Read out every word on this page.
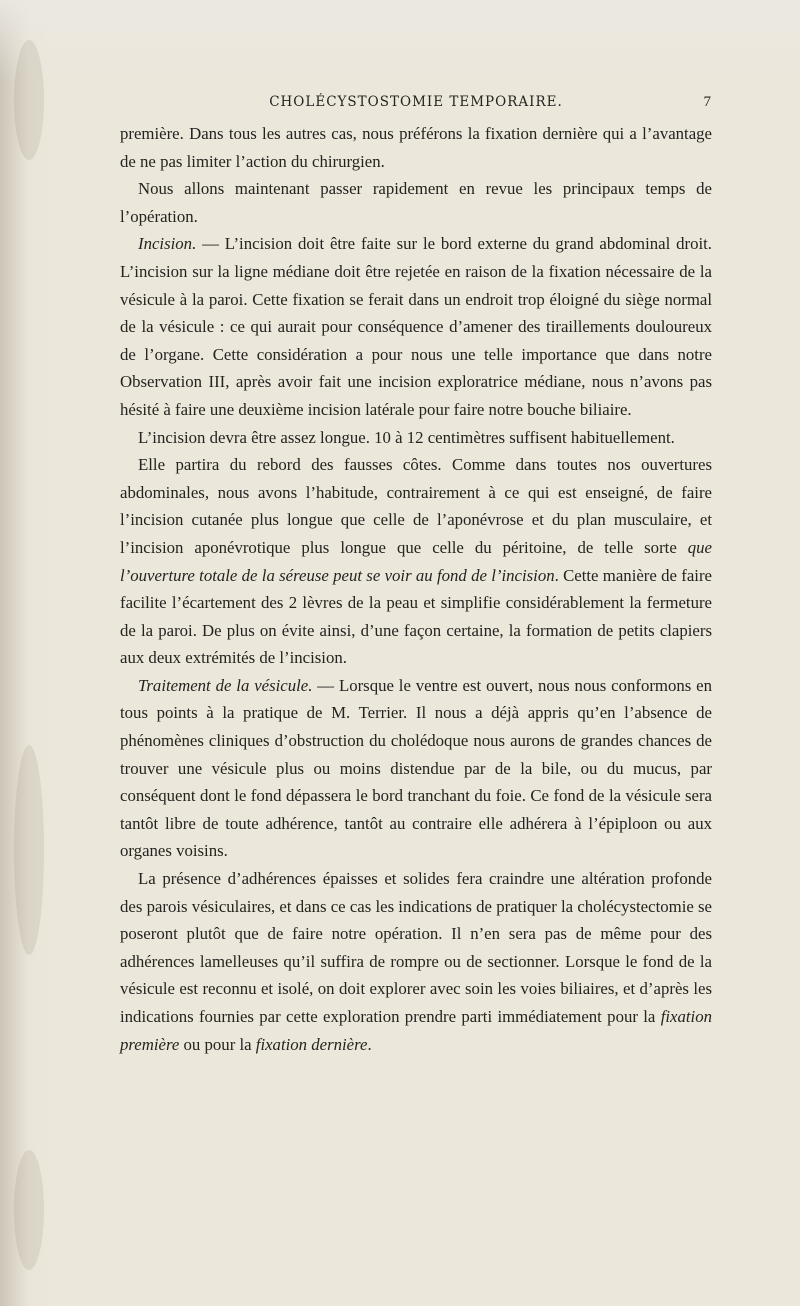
CHOLÉCYSTOSTOMIE TEMPORAIRE.	7

première. Dans tous les autres cas, nous préférons la fixation dernière qui a l’avantage de ne pas limiter l’action du chirurgien.

Nous allons maintenant passer rapidement en revue les principaux temps de l’opération.

Incision. — L’incision doit être faite sur le bord externe du grand abdominal droit. L’incision sur la ligne médiane doit être rejetée en raison de la fixation nécessaire de la vésicule à la paroi. Cette fixation se ferait dans un endroit trop éloigné du siège normal de la vésicule : ce qui aurait pour conséquence d’amener des tiraillements douloureux de l’organe. Cette considération a pour nous une telle importance que dans notre Observation III, après avoir fait une incision exploratrice médiane, nous n’avons pas hésité à faire une deuxième incision latérale pour faire notre bouche biliaire.

L’incision devra être assez longue. 10 à 12 centimètres suffisent habituellement.

Elle partira du rebord des fausses côtes. Comme dans toutes nos ouvertures abdominales, nous avons l’habitude, contrairement à ce qui est enseigné, de faire l’incision cutanée plus longue que celle de l’aponévrose et du plan musculaire, et l’incision aponévrotique plus longue que celle du péritoine, de telle sorte que l’ouverture totale de la séreuse peut se voir au fond de l’incision. Cette manière de faire facilite l’écartement des 2 lèvres de la peau et simplifie considérablement la fermeture de la paroi. De plus on évite ainsi, d’une façon certaine, la formation de petits clapiers aux deux extrémités de l’incision.

Traitement de la vésicule. — Lorsque le ventre est ouvert, nous nous conformons en tous points à la pratique de M. Terrier. Il nous a déjà appris qu’en l’absence de phénomènes cliniques d’obstruction du cholédoque nous aurons de grandes chances de trouver une vésicule plus ou moins distendue par de la bile, ou du mucus, par conséquent dont le fond dépassera le bord tranchant du foie. Ce fond de la vésicule sera tantôt libre de toute adhérence, tantôt au contraire elle adhérera à l’épiploon ou aux organes voisins.

La présence d’adhérences épaisses et solides fera craindre une altération profonde des parois vésiculaires, et dans ce cas les indications de pratiquer la cholécystectomie se poseront plutôt que de faire notre opération. Il n’en sera pas de même pour des adhérences lamelleuses qu’il suffira de rompre ou de sectionner. Lorsque le fond de la vésicule est reconnu et isolé, on doit explorer avec soin les voies biliaires, et d’après les indications fournies par cette exploration prendre parti immédiatement pour la fixation première ou pour la fixation dernière.
